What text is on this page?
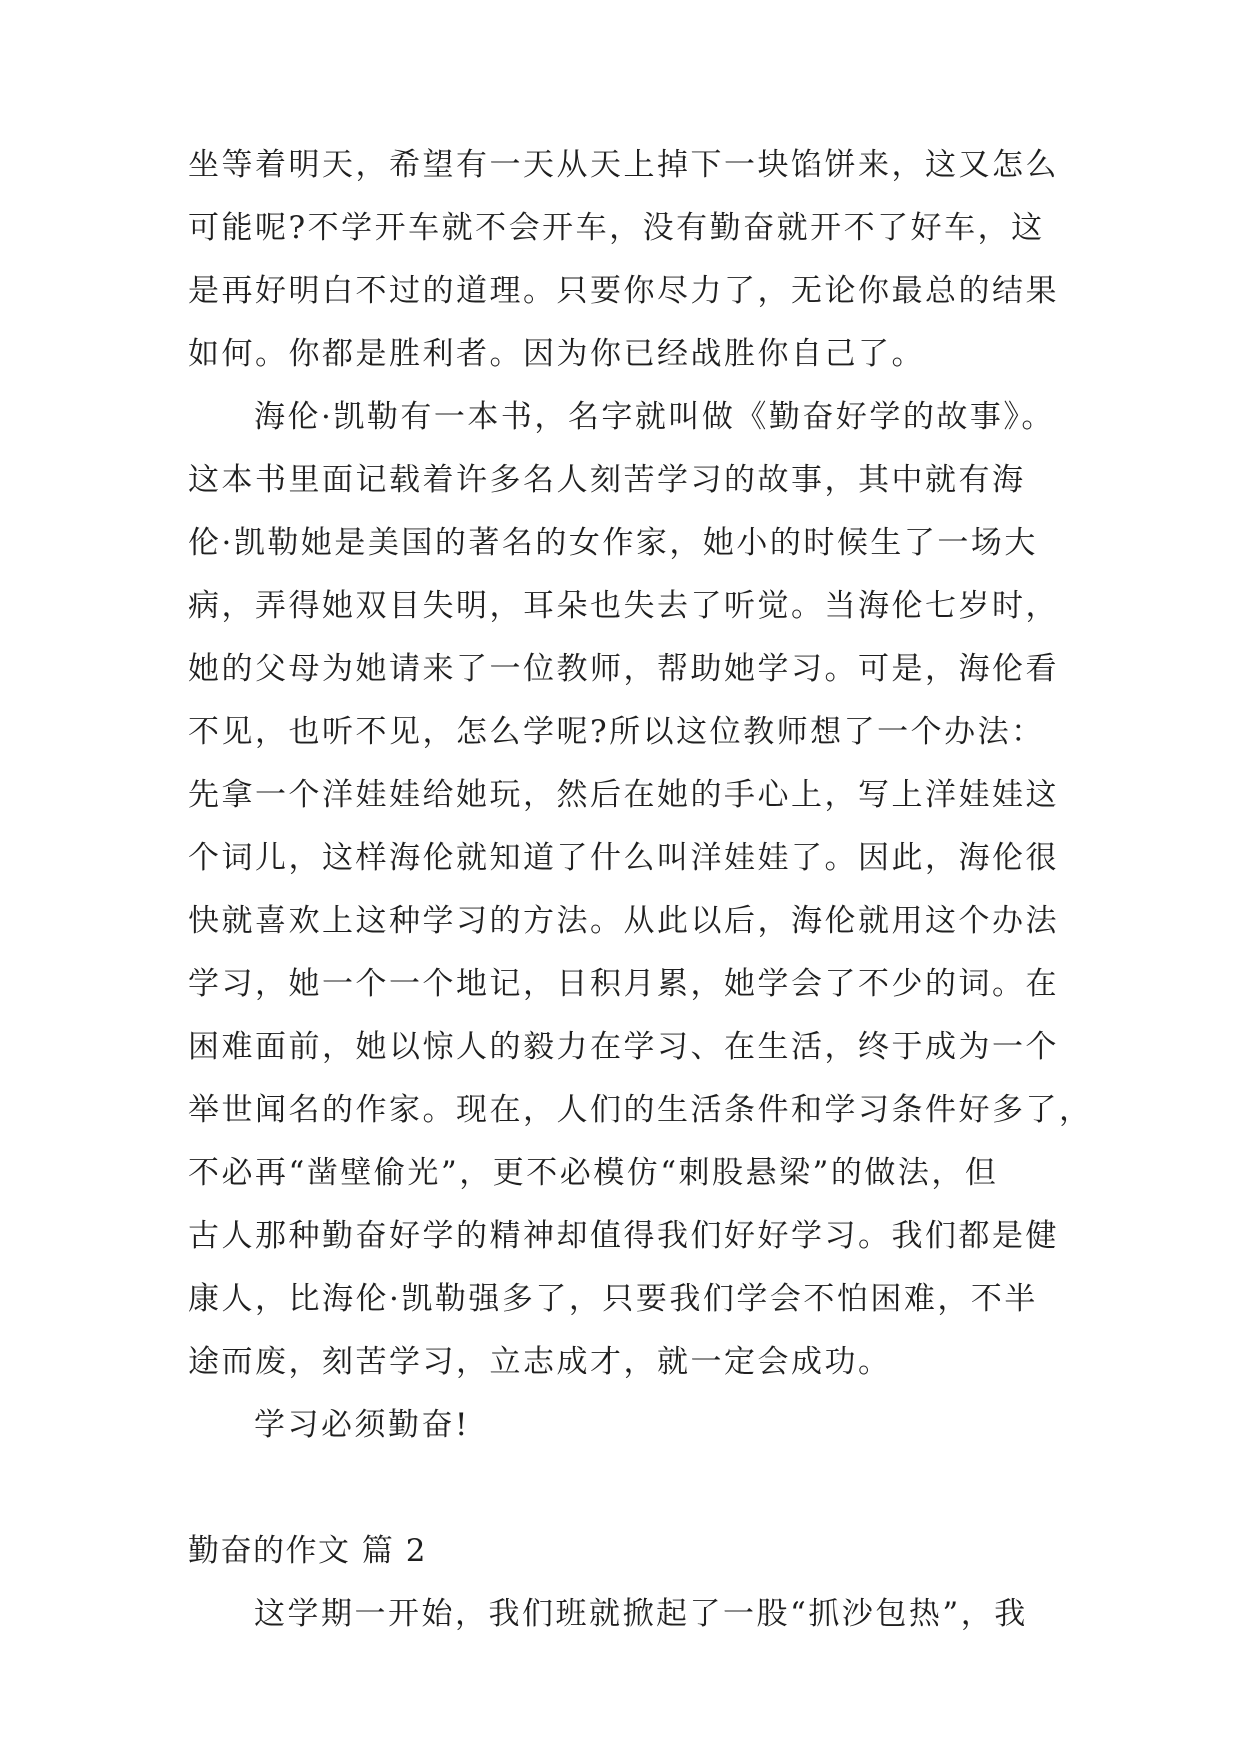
坐等着明天，希望有一天从天上掉下一块馅饼来，这又怎么
可能呢?不学开车就不会开车，没有勤奋就开不了好车，这
是再好明白不过的道理。只要你尽力了，无论你最总的结果
如何。你都是胜利者。因为你已经战胜你自己了。
海伦·凯勒有一本书，名字就叫做《勤奋好学的故事》。
这本书里面记载着许多名人刻苦学习的故事，其中就有海
伦·凯勒她是美国的著名的女作家，她小的时候生了一场大
病，弄得她双目失明，耳朵也失去了听觉。当海伦七岁时，
她的父母为她请来了一位教师，帮助她学习。可是，海伦看
不见，也听不见，怎么学呢?所以这位教师想了一个办法：
先拿一个洋娃娃给她玩，然后在她的手心上，写上洋娃娃这
个词儿，这样海伦就知道了什么叫洋娃娃了。因此，海伦很
快就喜欢上这种学习的方法。从此以后，海伦就用这个办法
学习，她一个一个地记，日积月累，她学会了不少的词。在
困难面前，她以惊人的毅力在学习、在生活，终于成为一个
举世闻名的作家。现在，人们的生活条件和学习条件好多了，
不必再“凿壁偷光”，更不必模仿“刺股悬梁”的做法，但
古人那种勤奋好学的精神却值得我们好好学习。我们都是健
康人，比海伦·凯勒强多了，只要我们学会不怕困难，不半
途而废，刻苦学习，立志成才，就一定会成功。
学习必须勤奋!
勤奋的作文 篇 2
这学期一开始，我们班就掀起了一股“抓沙包热”，我
